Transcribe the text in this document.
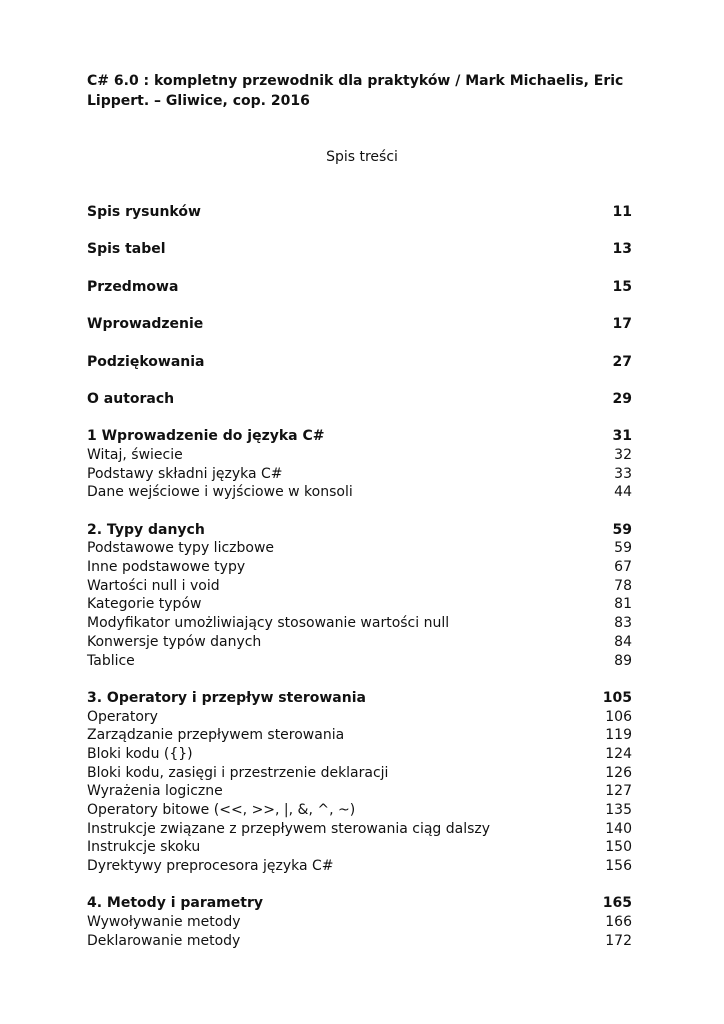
C# 6.0 : kompletny przewodnik dla praktyków / Mark Michaelis, Eric Lippert. – Gliwice, cop. 2016
Spis treści
Spis rysunków	11
Spis tabel	13
Przedmowa	15
Wprowadzenie	17
Podziękowania	27
O autorach	29
1 Wprowadzenie do języka C#	31
Witaj, świecie	32
Podstawy składni języka C#	33
Dane wejściowe i wyjściowe w konsoli	44
2. Typy danych	59
Podstawowe typy liczbowe	59
Inne podstawowe typy	67
Wartości null i void	78
Kategorie typów	81
Modyfikator umożliwiający stosowanie wartości null	83
Konwersje typów danych	84
Tablice	89
3. Operatory i przepływ sterowania	105
Operatory	106
Zarządzanie przepływem sterowania	119
Bloki kodu ({})	124
Bloki kodu, zasięgi i przestrzenie deklaracji	126
Wyrażenia logiczne	127
Operatory bitowe (<<, >>, |, &, ^, ~)	135
Instrukcje związane z przepływem sterowania ciąg dalszy	140
Instrukcje skoku	150
Dyrektywy preprocesora języka C#	156
4. Metody i parametry	165
Wywoływanie metody	166
Deklarowanie metody	172
